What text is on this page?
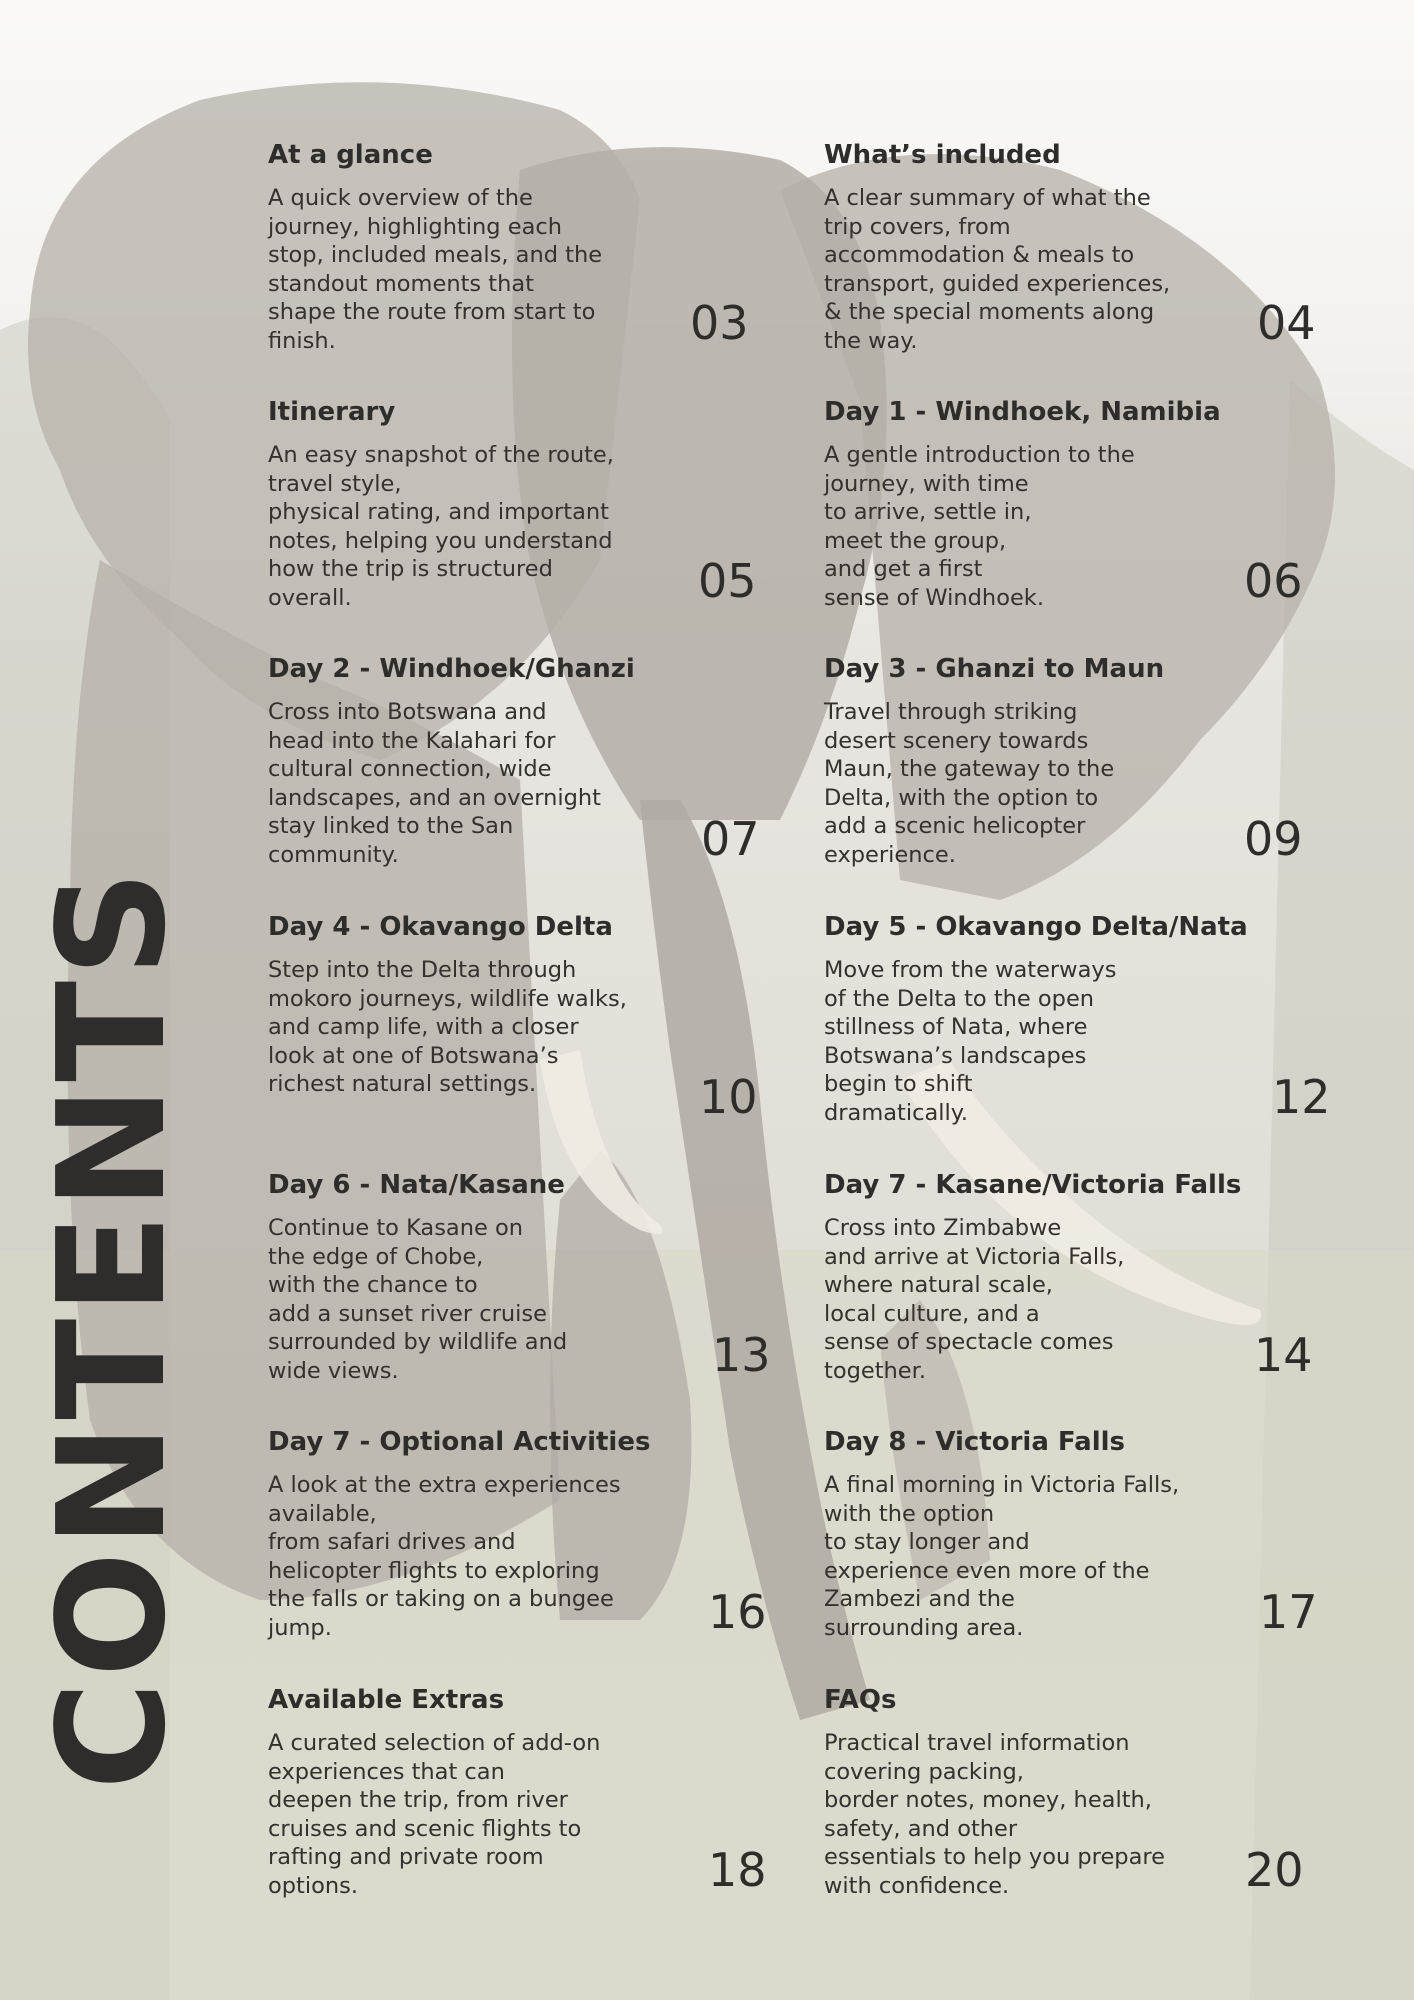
CONTENTS
At a glance

A quick overview of the
journey, highlighting each
stop, included meals, and the
standout moments that
shape the route from start to
finish.	03
What’s included

A clear summary of what the
trip covers, from
accommodation & meals to
transport, guided experiences,
& the special moments along
the way.	04
Itinerary

An easy snapshot of the route,
travel style,
physical rating, and important
notes, helping you understand
how the trip is structured
overall.	05
Day 1 - Windhoek, Namibia

A gentle introduction to the
journey, with time
to arrive, settle in,
meet the group,
and get a first
sense of Windhoek.	06
Day 2 - Windhoek/Ghanzi

Cross into Botswana and
head into the Kalahari for
cultural connection, wide
landscapes, and an overnight
stay linked to the San
community.	07
Day 3 - Ghanzi to Maun

Travel through striking
desert scenery towards
Maun, the gateway to the
Delta, with the option to
add a scenic helicopter
experience.	09
Day 4 - Okavango Delta

Step into the Delta through
mokoro journeys, wildlife walks,
and camp life, with a closer
look at one of Botswana’s
richest natural settings.	10
Day 5 - Okavango Delta/Nata

Move from the waterways
of the Delta to the open
stillness of Nata, where
Botswana’s landscapes
begin to shift
dramatically.	12
Day 6 - Nata/Kasane

Continue to Kasane on
the edge of Chobe,
with the chance to
add a sunset river cruise
surrounded by wildlife and
wide views.	13
Day 7 - Kasane/Victoria Falls

Cross into Zimbabwe
and arrive at Victoria Falls,
where natural scale,
local culture, and a
sense of spectacle comes
together.	14
Day 7 - Optional Activities

A look at the extra experiences
available,
from safari drives and
helicopter flights to exploring
the falls or taking on a bungee
jump.	16
Day 8 - Victoria Falls

A final morning in Victoria Falls,
with the option
to stay longer and
experience even more of the
Zambezi and the
surrounding area.	17
Available Extras

A curated selection of add-on
experiences that can
deepen the trip, from river
cruises and scenic flights to
rafting and private room
options.	18
FAQs

Practical travel information
covering packing,
border notes, money, health,
safety, and other
essentials to help you prepare
with confidence.	20
